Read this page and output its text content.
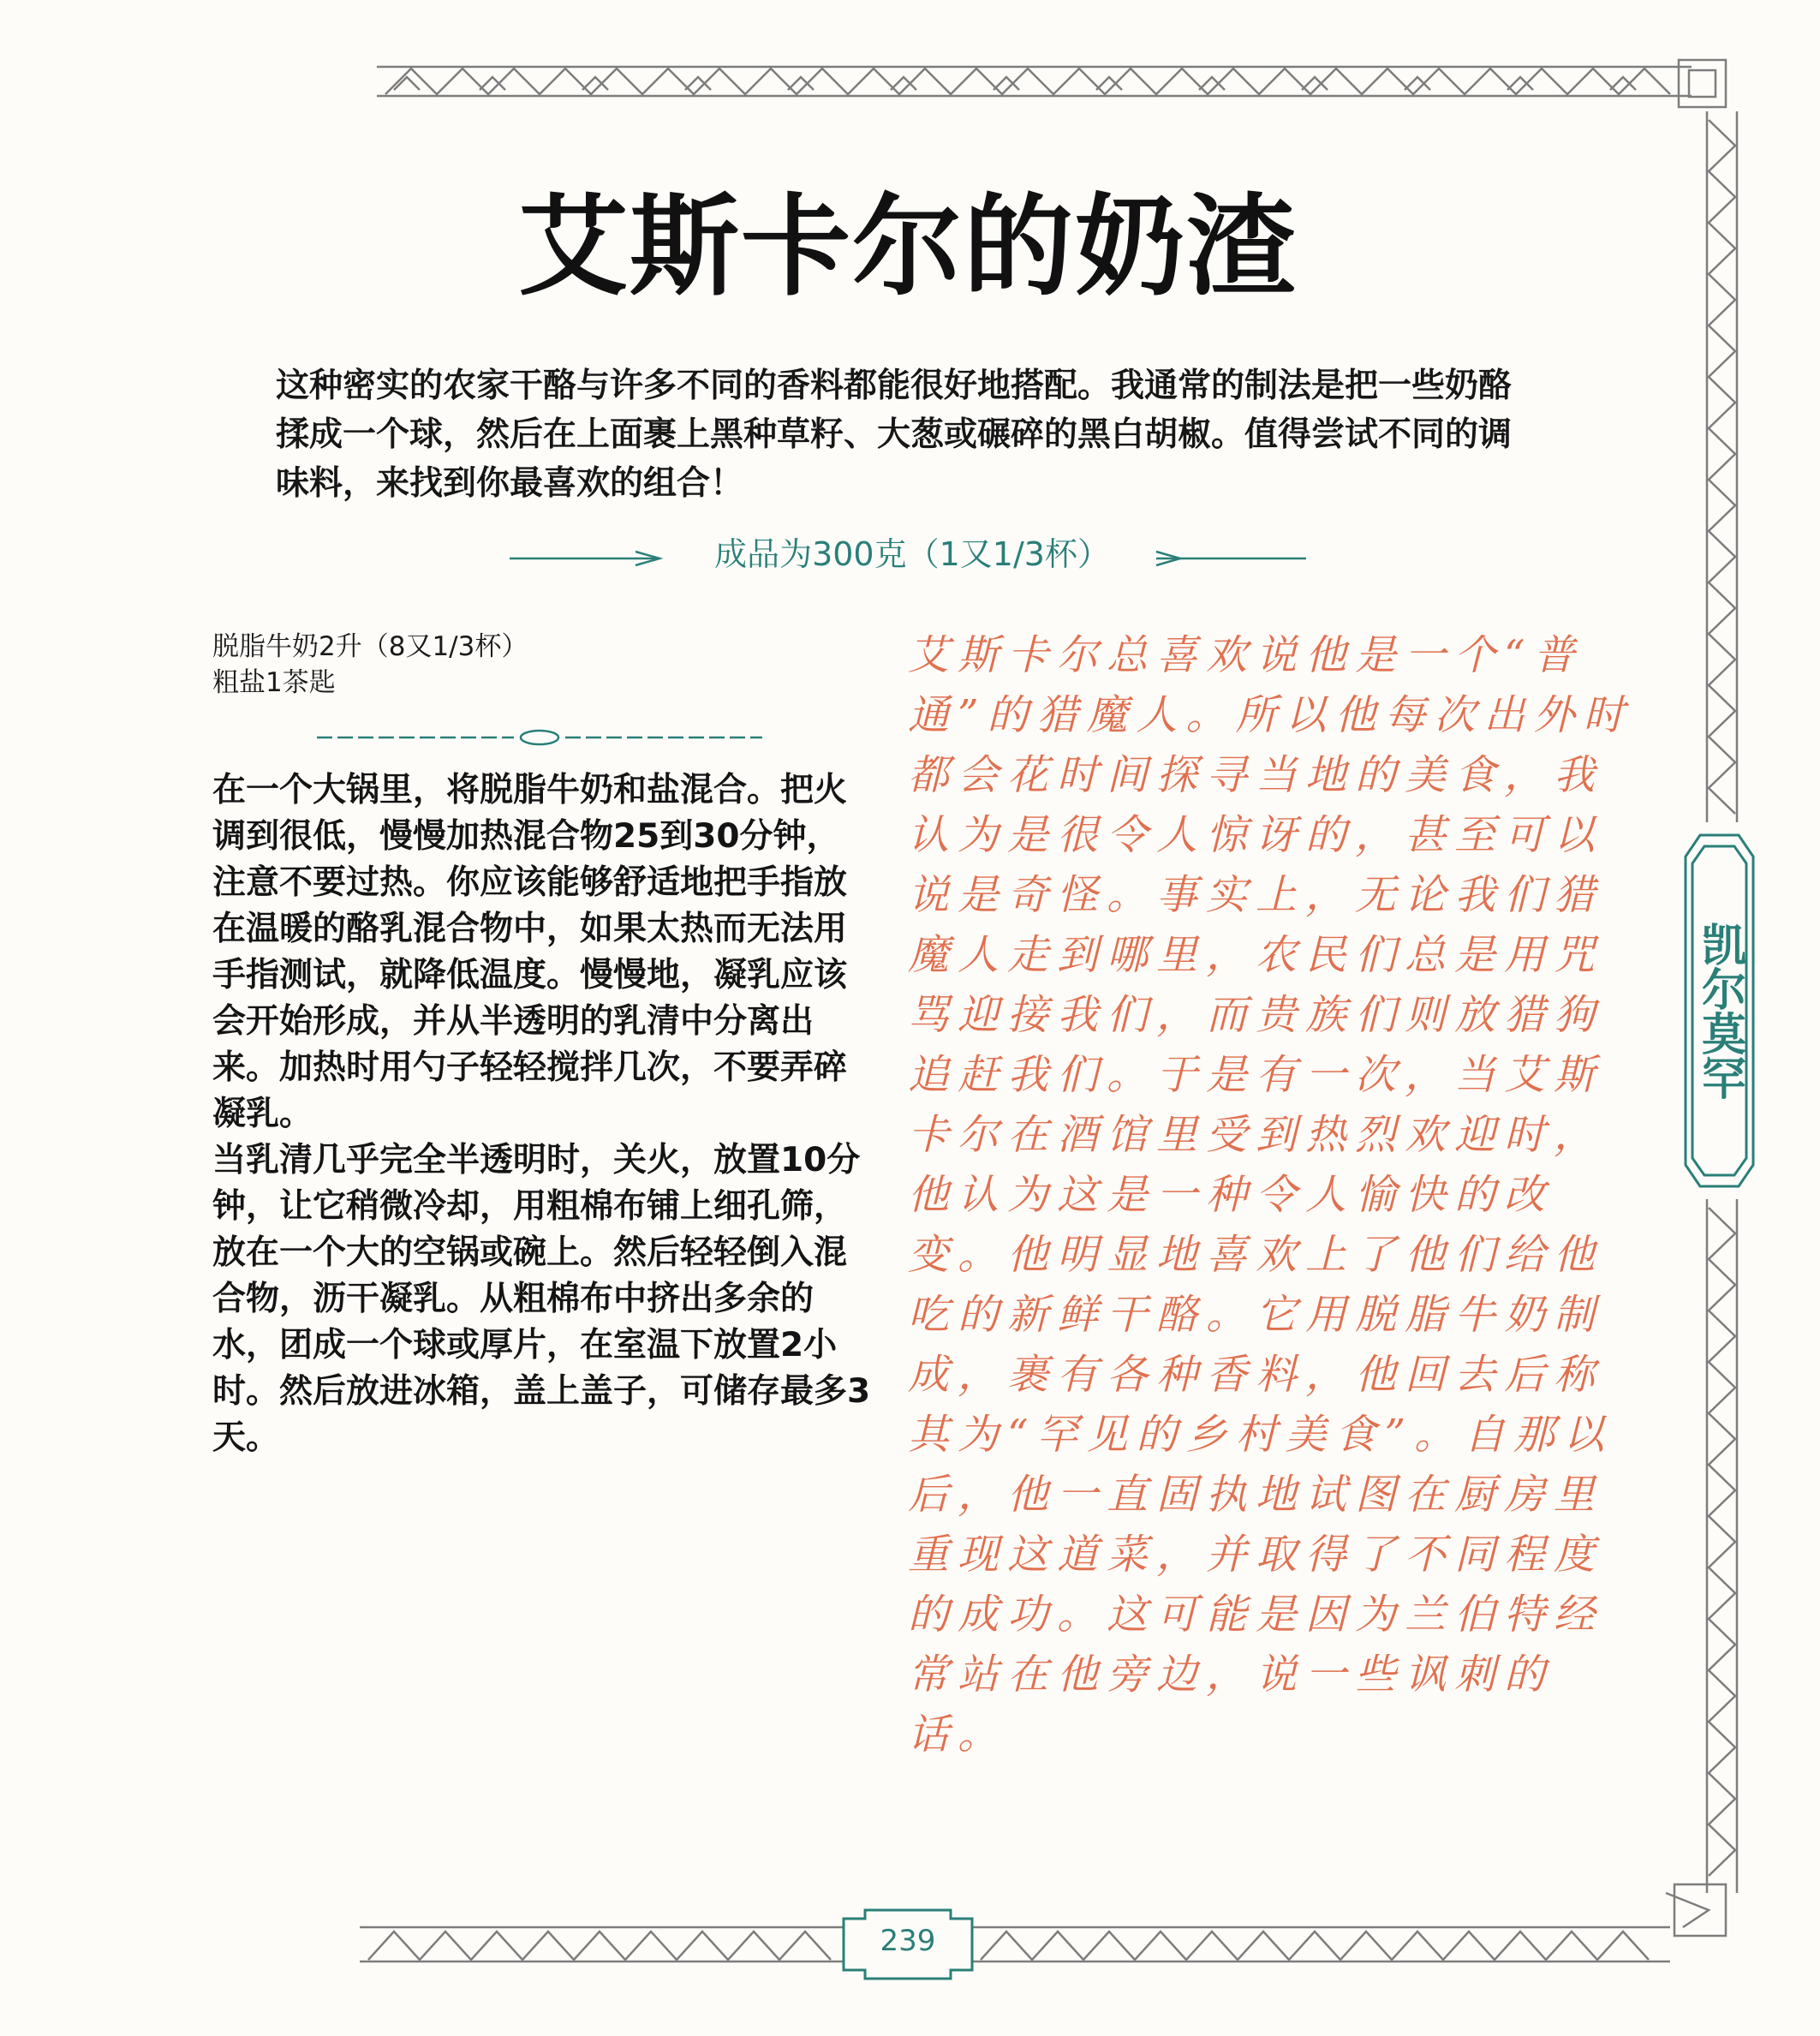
艾斯卡尔的奶渣
这种密实的农家干酪与许多不同的香料都能很好地搭配。我通常的制法是把一些奶酪揉成一个球，然后在上面裹上黑种草籽、大葱或碾碎的黑白胡椒。值得尝试不同的调味料，来找到你最喜欢的组合！
成品为300克（1又1/3杯）
脱脂牛奶2升（8又1/3杯）
粗盐1茶匙

在一个大锅里，将脱脂牛奶和盐混合。把火调到很低，慢慢加热混合物25到30分钟，注意不要过热。你应该能够舒适地把手指放在温暖的酪乳混合物中，如果太热而无法用手指测试，就降低温度。慢慢地，凝乳应该会开始形成，并从半透明的乳清中分离出来。加热时用勺子轻轻搅拌几次，不要弄碎凝乳。

当乳清几乎完全半透明时，关火，放置10分钟，让它稍微冷却，用粗棉布铺上细孔筛，放在一个大的空锅或碗上。然后轻轻倒入混合物，沥干凝乳。从粗棉布中挤出多余的水，团成一个球或厚片，在室温下放置2小时。然后放进冰箱，盖上盖子，可储存最多3天。

艾斯卡尔总喜欢说他是一个“普通”的猎魔人。所以他每次出外时都会花时间探寻当地的美食，我认为是很令人惊讶的，甚至可以说是奇怪。事实上，无论我们猎魔人走到哪里，农民们总是用咒骂迎接我们，而贵族们则放猎狗追赶我们。于是有一次，当艾斯卡尔在酒馆里受到热烈欢迎时，他认为这是一种令人愉快的改变。他明显地喜欢上了他们给他吃的新鲜干酪。它用脱脂牛奶制成，裹有各种香料，他回去后称其为“罕见的乡村美食”。自那以后，他一直固执地试图在厨房里重现这道菜，并取得了不同程度的成功。这可能是因为兰伯特经常站在他旁边，说一些讽刺的话。
凯尔莫罕
239
